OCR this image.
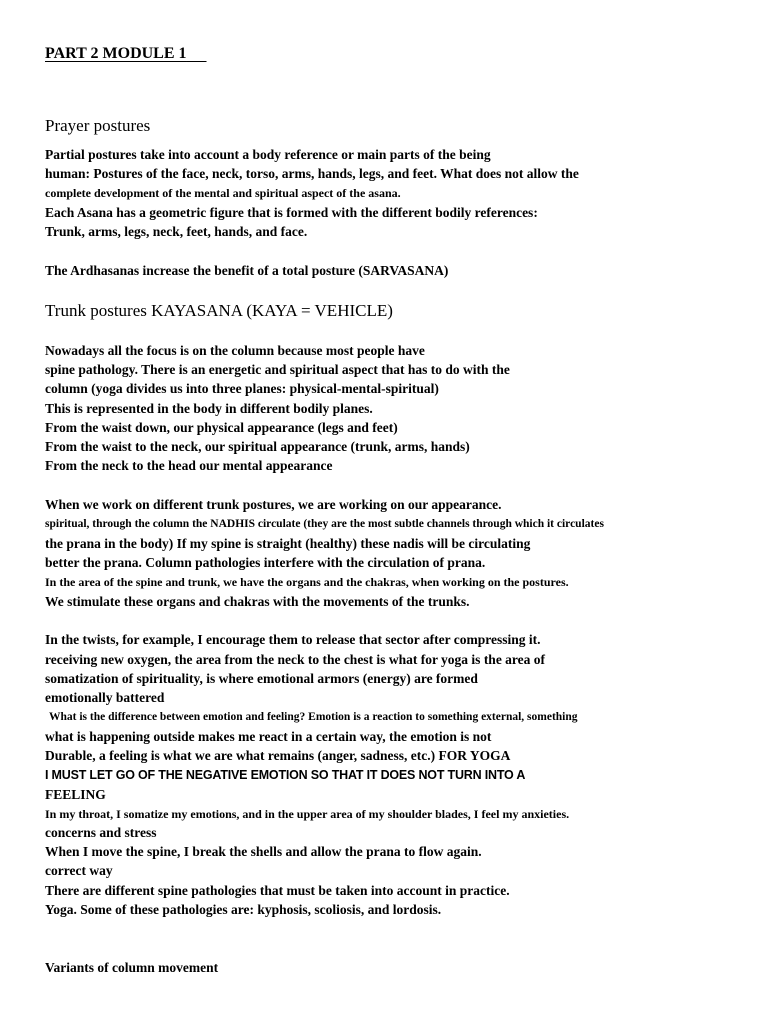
PART 2 MODULE 1
Prayer postures
Partial postures take into account a body reference or main parts of the being
human: Postures of the face, neck, torso, arms, hands, legs, and feet. What does not allow the
complete development of the mental and spiritual aspect of the asana.
Each Asana has a geometric figure that is formed with the different bodily references:
Trunk, arms, legs, neck, feet, hands, and face.
The Ardhasanas increase the benefit of a total posture (SARVASANA)
Trunk postures KAYASANA (KAYA = VEHICLE)
Nowadays all the focus is on the column because most people have
spine pathology. There is an energetic and spiritual aspect that has to do with the
column (yoga divides us into three planes: physical-mental-spiritual)
This is represented in the body in different bodily planes.
From the waist down, our physical appearance (legs and feet)
From the waist to the neck, our spiritual appearance (trunk, arms, hands)
From the neck to the head our mental appearance
When we work on different trunk postures, we are working on our appearance.
spiritual, through the column the NADHIS circulate (they are the most subtle channels through which it circulates
the prana in the body) If my spine is straight (healthy) these nadis will be circulating
better the prana. Column pathologies interfere with the circulation of prana.
In the area of the spine and trunk, we have the organs and the chakras, when working on the postures.
We stimulate these organs and chakras with the movements of the trunks.
In the twists, for example, I encourage them to release that sector after compressing it.
receiving new oxygen, the area from the neck to the chest is what for yoga is the area of
somatization of spirituality, is where emotional armors (energy) are formed
emotionally battered
What is the difference between emotion and feeling? Emotion is a reaction to something external, something
what is happening outside makes me react in a certain way, the emotion is not
Durable, a feeling is what we are what remains (anger, sadness, etc.) FOR YOGA
I MUST LET GO OF THE NEGATIVE EMOTION SO THAT IT DOES NOT TURN INTO A
FEELING
In my throat, I somatize my emotions, and in the upper area of my shoulder blades, I feel my anxieties.
concerns and stress
When I move the spine, I break the shells and allow the prana to flow again.
correct way
There are different spine pathologies that must be taken into account in practice.
Yoga. Some of these pathologies are: kyphosis, scoliosis, and lordosis.
Variants of column movement
